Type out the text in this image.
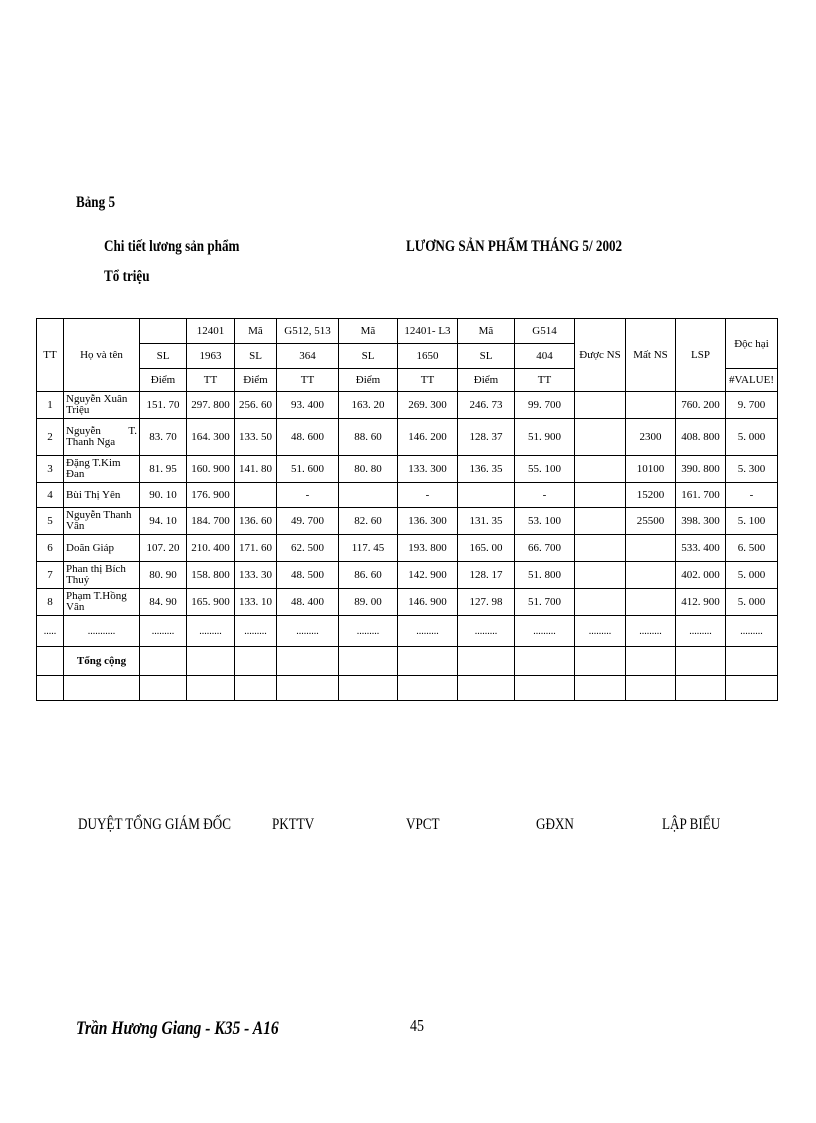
Bảng 5
Chi tiết lương sản phẩm
Tổ triệu
LƯƠNG SẢN PHẨM THÁNG 5/ 2002
TT	Họ và tên		12401	Mã	G512, 513	Mã	12401- L3	Mã	G514	Được NS	Mất NS	LSP	Độc hại
		SL	1963	SL	364	SL	1650	SL	404				
		Điểm	TT	Điểm	TT	Điểm	TT	Điểm	TT				#VALUE!
1	Nguyễn Xuân Triệu	151. 70	297. 800	256. 60	93. 400	163. 20	269. 300	246. 73	99. 700			760. 200	9. 700
2	Nguyễn T. Thanh Nga	83. 70	164. 300	133. 50	48. 600	88. 60	146. 200	128. 37	51. 900		2300	408. 800	5. 000
3	Đặng T.Kim Đan	81. 95	160. 900	141. 80	51. 600	80. 80	133. 300	136. 35	55. 100		10100	390. 800	5. 300
4	Bùi Thị Yên	90. 10	176. 900		-		-		-		15200	161. 700	-
5	Nguyễn Thanh Vân	94. 10	184. 700	136. 60	49. 700	82. 60	136. 300	131. 35	53. 100		25500	398. 300	5. 100
6	Doãn Giáp	107. 20	210. 400	171. 60	62. 500	117. 45	193. 800	165. 00	66. 700			533. 400	6. 500
7	Phan thị Bích Thuỷ	80. 90	158. 800	133. 30	48. 500	86. 60	142. 900	128. 17	51. 800			402. 000	5. 000
8	Phạm T.Hồng Vân	84. 90	165. 900	133. 10	48. 400	89. 00	146. 900	127. 98	51. 700			412. 900	5. 000
.....	...........	.........	.........	.........	.........	.........	.........	.........	.........	.........	.........	.........	.........
	Tổng cộng												

DUYỆT TỔNG GIÁM ĐỐC	PKTTV	VPCT	GĐXN	LẬP BIỂU
Trần Hương Giang - K35 - A16	45
